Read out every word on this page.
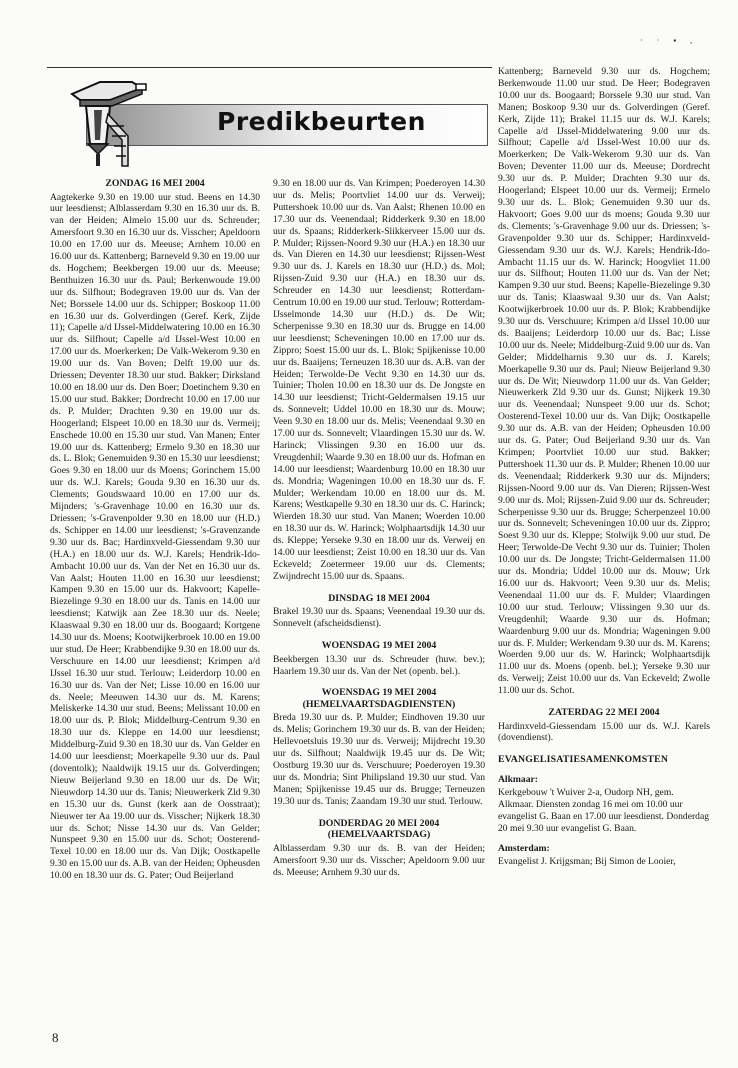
· · ▪ ,
Predikbeurten
ZONDAG 16 MEI 2004

Aagtekerke 9.30 en 19.00 uur stud. Beens en 14.30 uur leesdienst; Alblasserdam 9.30 en 16.30 uur ds. B. van der Heiden; Almelo 15.00 uur ds. Schreuder; Amersfoort 9.30 en 16.30 uur ds. Visscher; Apeldoorn 10.00 en 17.00 uur ds. Meeuse; Arnhem 10.00 en 16.00 uur ds. Kattenberg; Barneveld 9.30 en 19.00 uur ds. Hogchem; Beekbergen 19.00 uur ds. Meeuse; Benthuizen 16.30 uur ds. Paul; Berkenwoude 19.00 uur ds. Silfhout; Bodegraven 19.00 uur ds. Van der Net; Borssele 14.00 uur ds. Schipper; Boskoop 11.00 en 16.30 uur ds. Golverdingen (Geref. Kerk, Zijde 11); Capelle a/d IJssel-Middelwatering 10.00 en 16.30 uur ds. Silfhout; Capelle a/d IJssel-West 10.00 en 17.00 uur ds. Moerkerken; De Valk-Wekerom 9.30 en 19.00 uur ds. Van Boven; Delft 19.00 uur ds. Driessen; Deventer 18.30 uur stud. Bakker; Dirksland 10.00 en 18.00 uur ds. Den Boer; Doetinchem 9.30 en 15.00 uur stud. Bakker; Dordrecht 10.00 en 17.00 uur ds. P. Mulder; Drachten 9.30 en 19.00 uur ds. Hoogerland; Elspeet 10.00 en 18.30 uur ds. Vermeij; Enschede 10.00 en 15.30 uur stud. Van Manen; Enter 19.00 uur ds. Kattenberg; Ermelo 9.30 en 18.30 uur ds. L. Blok; Genemuiden 9.30 en 15.30 uur leesdienst; Goes 9.30 en 18.00 uur ds Moens; Gorinchem 15.00 uur ds. W.J. Karels; Gouda 9.30 en 16.30 uur ds. Clements; Goudswaard 10.00 en 17.00 uur ds. Mijnders; 's-Gravenhage 10.00 en 16.30 uur ds. Driessen; 's-Gravenpolder 9.30 en 18.00 uur (H.D.) ds. Schipper en 14.00 uur leesdienst; 's-Gravenzande 9.30 uur ds. Bac; Hardinxveld-Giessendam 9.30 uur (H.A.) en 18.00 uur ds. W.J. Karels; Hendrik-Ido-Ambacht 10.00 uur ds. Van der Net en 16.30 uur ds. Van Aalst; Houten 11.00 en 16.30 uur leesdienst; Kampen 9.30 en 15.00 uur ds. Hakvoort; Kapelle-Biezelinge 9.30 en 18.00 uur ds. Tanis en 14.00 uur leesdienst; Katwijk aan Zee 18.30 uur ds. Neele; Klaaswaal 9.30 en 18.00 uur ds. Boogaard; Kortgene 14.30 uur ds. Moens; Kootwijkerbroek 10.00 en 19.00 uur stud. De Heer; Krabbendijke 9.30 en 18.00 uur ds. Verschuure en 14.00 uur leesdienst; Krimpen a/d IJssel 16.30 uur stud. Terlouw; Leiderdorp 10.00 en 16.30 uur ds. Van der Net; Lisse 10.00 en 16.00 uur ds. Neele; Meeuwen 14.30 uur ds. M. Karens; Meliskerke 14.30 uur stud. Beens; Melissant 10.00 en 18.00 uur ds. P. Blok; Middelburg-Centrum 9.30 en 18.30 uur ds. Kleppe en 14.00 uur leesdienst; Middelburg-Zuid 9.30 en 18.30 uur ds. Van Gelder en 14.00 uur leesdienst; Moerkapelle 9.30 uur ds. Paul (doventolk); Naaldwijk 19.15 uur ds. Golverdingen; Nieuw Beijerland 9.30 en 18.00 uur ds. De Wit; Nieuwdorp 14.30 uur ds. Tanis; Nieuwerkerk Zld 9.30 en 15.30 uur ds. Gunst (kerk aan de Oosstraat); Nieuwer ter Aa 19.00 uur ds. Visscher; Nijkerk 18.30 uur ds. Schot; Nisse 14.30 uur ds. Van Gelder; Nunspeet 9.30 en 15.00 uur ds. Schot; Oosterend-Texel 10.00 en 18.00 uur ds. Van Dijk; Oostkapelle 9.30 en 15.00 uur ds. A.B. van der Heiden; Opheusden 10.00 en 18.30 uur ds. G. Pater; Oud Beijerland

9.30 en 18.00 uur ds. Van Krimpen; Poederoyen 14.30 uur ds. Melis; Poortvliet 14.00 uur ds. Verweij; Puttershoek 10.00 uur ds. Van Aalst; Rhenen 10.00 en 17.30 uur ds. Veenendaal; Ridderkerk 9.30 en 18.00 uur ds. Spaans; Ridderkerk-Slikkerveer 15.00 uur ds. P. Mulder; Rijssen-Noord 9.30 uur (H.A.) en 18.30 uur ds. Van Dieren en 14.30 uur leesdienst; Rijssen-West 9.30 uur ds. J. Karels en 18.30 uur (H.D.) ds. Mol; Rijssen-Zuid 9.30 uur (H.A.) en 18.30 uur ds. Schreuder en 14.30 uur leesdienst; Rotterdam-Centrum 10.00 en 19.00 uur stud. Terlouw; Rotterdam-IJsselmonde 14.30 uur (H.D.) ds. De Wit; Scherpenisse 9.30 en 18.30 uur ds. Brugge en 14.00 uur leesdienst; Scheveningen 10.00 en 17.00 uur ds. Zippro; Soest 15.00 uur ds. L. Blok; Spijkenisse 10.00 uur ds. Baaijens; Terneuzen 18.30 uur ds. A.B. van der Heiden; Terwolde-De Vecht 9.30 en 14.30 uur ds. Tuinier; Tholen 10.00 en 18.30 uur ds. De Jongste en 14.30 uur leesdienst; Tricht-Geldermalsen 19.15 uur ds. Sonnevelt; Uddel 10.00 en 18.30 uur ds. Mouw; Veen 9.30 en 18.00 uur ds. Melis; Veenendaal 9.30 en 17.00 uur ds. Sonnevelt; Vlaardingen 15.30 uur ds. W. Harinck; Vlissingen 9.30 en 16.00 uur ds. Vreugdenhil; Waarde 9.30 en 18.00 uur ds. Hofman en 14.00 uur leesdienst; Waardenburg 10.00 en 18.30 uur ds. Mondria; Wageningen 10.00 en 18.30 uur ds. F. Mulder; Werkendam 10.00 en 18.00 uur ds. M. Karens; Westkapelle 9.30 en 18.30 uur ds. C. Harinck; Wierden 18.30 uur stud. Van Manen; Woerden 10.00 en 18.30 uur ds. W. Harinck; Wolphaartsdijk 14.30 uur ds. Kleppe; Yerseke 9.30 en 18.00 uur ds. Verweij en 14.00 uur leesdienst; Zeist 10.00 en 18.30 uur ds. Van Eckeveld; Zoetermeer 19.00 uur ds. Clements; Zwijndrecht 15.00 uur ds. Spaans.

DINSDAG 18 MEI 2004

Brakel 19.30 uur ds. Spaans; Veenendaal 19.30 uur ds. Sonnevelt (afscheidsdienst).

WOENSDAG 19 MEI 2004

Beekbergen 13.30 uur ds. Schreuder (huw. bev.); Haarlem 19.30 uur ds. Van der Net (openb. bel.).

WOENSDAG 19 MEI 2004
(HEMELVAARTSDAGDIENSTEN)

Breda 19.30 uur ds. P. Mulder; Eindhoven 19.30 uur ds. Melis; Gorinchem 19.30 uur ds. B. van der Heiden; Hellevoetsluis 19.30 uur ds. Verweij; Mijdrecht 19.30 uur ds. Silfhout; Naaldwijk 19.45 uur ds. De Wit; Oostburg 19.30 uur ds. Verschuure; Poederoyen 19.30 uur ds. Mondria; Sint Philipsland 19.30 uur stud. Van Manen; Spijkenisse 19.45 uur ds. Brugge; Terneuzen 19.30 uur ds. Tanis; Zaandam 19.30 uur stud. Terlouw.

DONDERDAG 20 MEI 2004
(HEMELVAARTSDAG)

Alblasserdam 9.30 uur ds. B. van der Heiden; Amersfoort 9.30 uur ds. Visscher; Apeldoorn 9.00 uur ds. Meeuse; Arnhem 9.30 uur ds.

Kattenberg; Barneveld 9.30 uur ds. Hogchem; Berkenwoude 11.00 uur stud. De Heer; Bodegraven 10.00 uur ds. Boogaard; Borssele 9.30 uur stud. Van Manen; Boskoop 9.30 uur ds. Golverdingen (Geref. Kerk, Zijde 11); Brakel 11.15 uur ds. W.J. Karels; Capelle a/d IJssel-Middelwatering 9.00 uur ds. Silfhout; Capelle a/d IJssel-West 10.00 uur ds. Moerkerken; De Valk-Wekerom 9.30 uur ds. Van Boven; Deventer 11.00 uur ds. Meeuse; Dordrecht 9.30 uur ds. P. Mulder; Drachten 9.30 uur ds. Hoogerland; Elspeet 10.00 uur ds. Vermeij; Ermelo 9.30 uur ds. L. Blok; Genemuiden 9.30 uur ds. Hakvoort; Goes 9.00 uur ds moens; Gouda 9.30 uur ds. Clements; 's-Gravenhage 9.00 uur ds. Driessen; 's-Gravenpolder 9.30 uur ds. Schipper; Hardinxveld-Giessendam 9.30 uur ds. W.J. Karels; Hendrik-Ido-Ambacht 11.15 uur ds. W. Harinck; Hoogvliet 11.00 uur ds. Silfhout; Houten 11.00 uur ds. Van der Net; Kampen 9.30 uur stud. Beens; Kapelle-Biezelinge 9.30 uur ds. Tanis; Klaaswaal 9.30 uur ds. Van Aalst; Kootwijkerbroek 10.00 uur ds. P. Blok; Krabbendijke 9.30 uur ds. Verschuure; Krimpen a/d IJssel 10.00 uur ds. Baaijens; Leiderdorp 10.00 uur ds. Bac; Lisse 10.00 uur ds. Neele; Middelburg-Zuid 9.00 uur ds. Van Gelder; Middelharnis 9.30 uur ds. J. Karels; Moerkapelle 9.30 uur ds. Paul; Nieuw Beijerland 9.30 uur ds. De Wit; Nieuwdorp 11.00 uur ds. Van Gelder; Nieuwerkerk Zld 9.30 uur ds. Gunst; Nijkerk 19.30 uur ds. Veenendaal; Nunspeet 9.00 uur ds. Schot; Oosterend-Texel 10.00 uur ds. Van Dijk; Oostkapelle 9.30 uur ds. A.B. van der Heiden; Opheusden 10.00 uur ds. G. Pater; Oud Beijerland 9.30 uur ds. Van Krimpen; Poortvliet 10.00 uur stud. Bakker; Puttershoek 11.30 uur ds. P. Mulder; Rhenen 10.00 uur ds. Veenendaal; Ridderkerk 9.30 uur ds. Mijnders; Rijssen-Noord 9.00 uur ds. Van Dieren; Rijssen-West 9.00 uur ds. Mol; Rijssen-Zuid 9.00 uur ds. Schreuder; Scherpenisse 9.30 uur ds. Brugge; Scherpenzeel 10.00 uur ds. Sonnevelt; Scheveningen 10.00 uur ds. Zippro; Soest 9.30 uur ds. Kleppe; Stolwijk 9.00 uur stud. De Heer; Terwolde-De Vecht 9.30 uur ds. Tuinier; Tholen 10.00 uur ds. De Jongste; Tricht-Geldermalsen 11.00 uur ds. Mondria; Uddel 10.00 uur ds. Mouw; Urk 16.00 uur ds. Hakvoort; Veen 9.30 uur ds. Melis; Veenendaal 11.00 uur ds. F. Mulder; Vlaardingen 10.00 uur stud. Terlouw; Vlissingen 9.30 uur ds. Vreugdenhil; Waarde 9.30 uur ds. Hofman; Waardenburg 9.00 uur ds. Mondria; Wageningen 9.00 uur ds. F. Mulder; Werkendam 9.30 uur ds. M. Karens; Woerden 9.00 uur ds. W. Harinck; Wolphaartsdijk 11.00 uur ds. Moens (openb. bel.); Yerseke 9.30 uur ds. Verweij; Zeist 10.00 uur ds. Van Eckeveld; Zwolle 11.00 uur ds. Schot.

ZATERDAG 22 MEI 2004

Hardinxveld-Giessendam 15.00 uur ds. W.J. Karels (dovendienst).

EVANGELISATIESAMENKOMSTEN
Alkmaar:

Kerkgebouw 't Wuiver 2-a, Oudorp NH, gem. Alkmaar. Diensten zondag 16 mei om 10.00 uur evangelist G. Baan en 17.00 uur leesdienst. Donderdag 20 mei 9.30 uur evangelist G. Baan.

Amsterdam:

Evangelist J. Krijgsman; Bij Simon de Looier,

8
